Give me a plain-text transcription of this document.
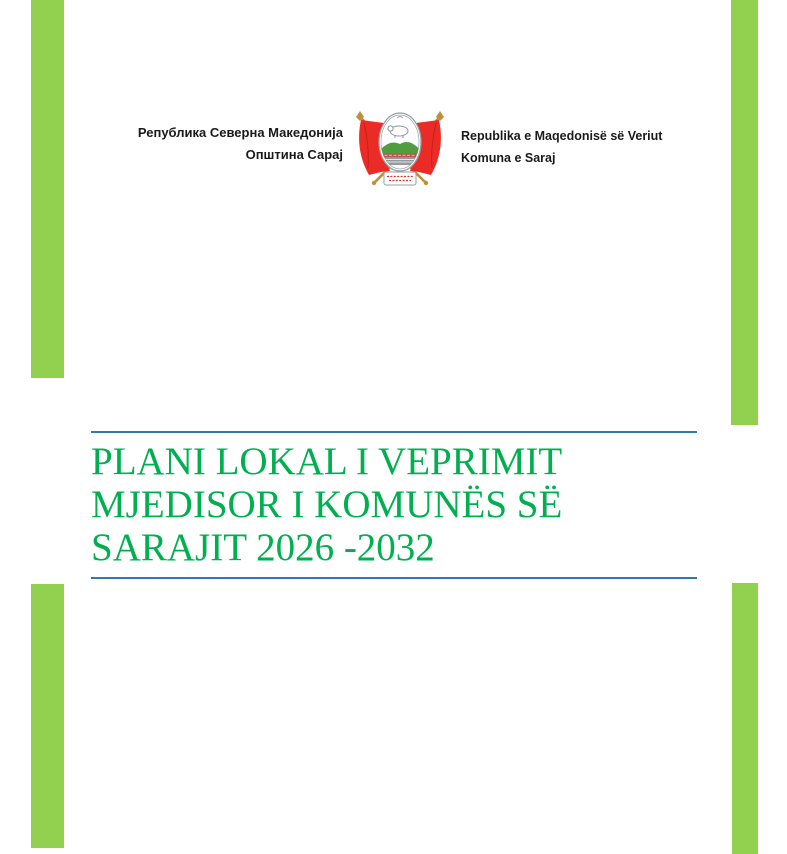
Република Северна Македонија
Општина Сарај
Republika e Maqedonisë së Veriut
Komuna e Saraj
PLANI LOKAL I VEPRIMIT
MJEDISOR I KOMUNËS SË
SARAJIT 2026 -2032
